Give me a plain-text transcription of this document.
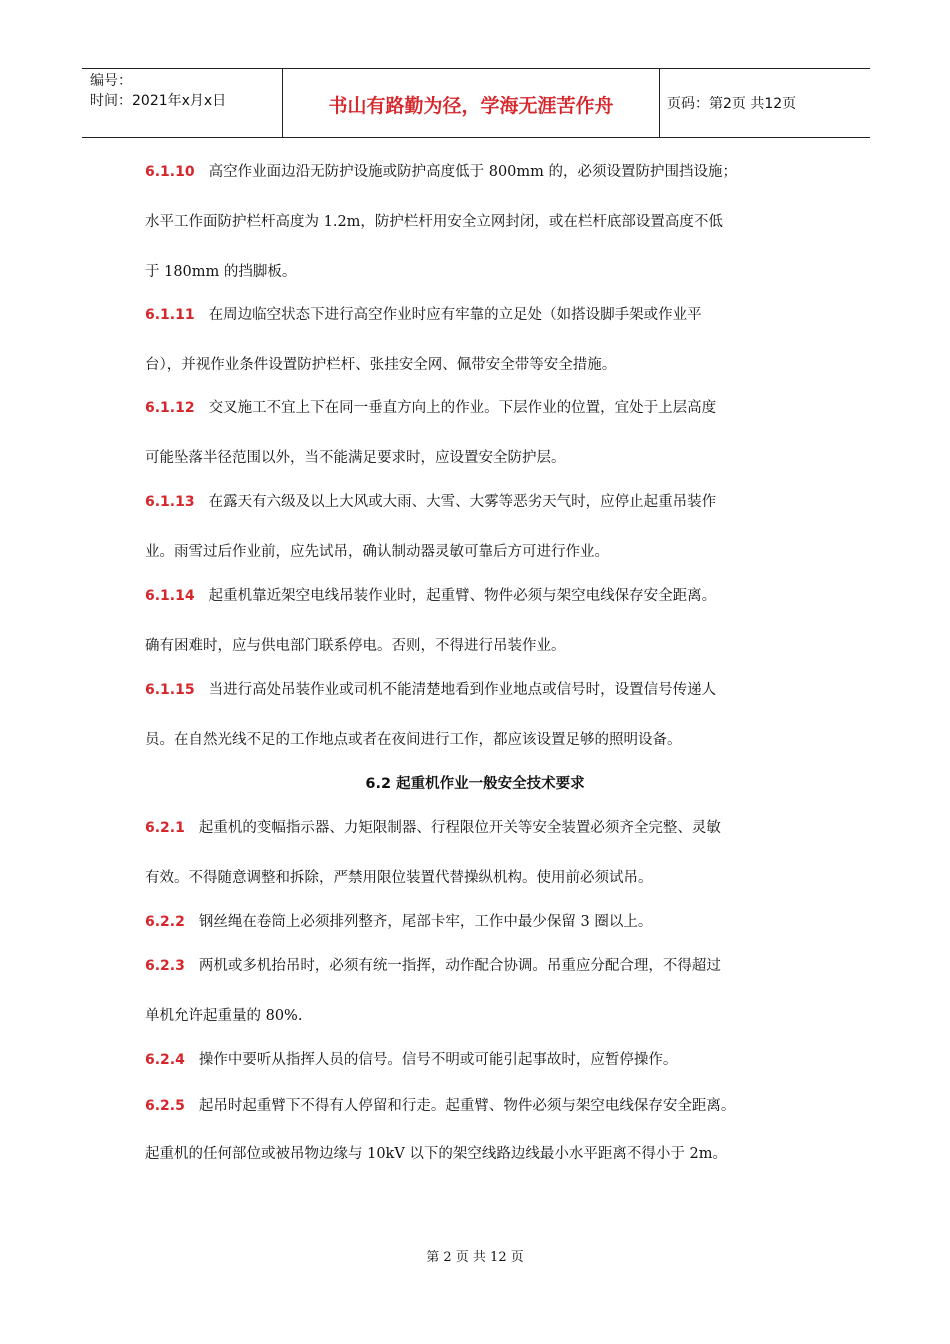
编号：
时间：2021年x月x日	书山有路勤为径，学海无涯苦作舟	页码：第2页 共12页
6.1.10 高空作业面边沿无防护设施或防护高度低于 800mm 的，必须设置防护围挡设施；
水平工作面防护栏杆高度为 1.2m，防护栏杆用安全立网封闭，或在栏杆底部设置高度不低
于 180mm 的挡脚板。
6.1.11 在周边临空状态下进行高空作业时应有牢靠的立足处（如搭设脚手架或作业平
台），并视作业条件设置防护栏杆、张挂安全网、佩带安全带等安全措施。
6.1.12 交叉施工不宜上下在同一垂直方向上的作业。下层作业的位置，宜处于上层高度
可能坠落半径范围以外，当不能满足要求时，应设置安全防护层。
6.1.13 在露天有六级及以上大风或大雨、大雪、大雾等恶劣天气时，应停止起重吊装作
业。雨雪过后作业前，应先试吊，确认制动器灵敏可靠后方可进行作业。
6.1.14 起重机靠近架空电线吊装作业时，起重臂、物件必须与架空电线保存安全距离。
确有困难时，应与供电部门联系停电。否则，不得进行吊装作业。
6.1.15 当进行高处吊装作业或司机不能清楚地看到作业地点或信号时，设置信号传递人
员。在自然光线不足的工作地点或者在夜间进行工作，都应该设置足够的照明设备。
6.2 起重机作业一般安全技术要求
6.2.1 起重机的变幅指示器、力矩限制器、行程限位开关等安全装置必须齐全完整、灵敏
有效。不得随意调整和拆除，严禁用限位装置代替操纵机构。使用前必须试吊。
6.2.2 钢丝绳在卷筒上必须排列整齐，尾部卡牢，工作中最少保留 3 圈以上。
6.2.3 两机或多机抬吊时，必须有统一指挥，动作配合协调。吊重应分配合理，不得超过
单机允许起重量的 80%.
6.2.4 操作中要听从指挥人员的信号。信号不明或可能引起事故时，应暂停操作。
6.2.5 起吊时起重臂下不得有人停留和行走。起重臂、物件必须与架空电线保存安全距离。
起重机的任何部位或被吊物边缘与 10kV 以下的架空线路边线最小水平距离不得小于 2m。
第 2 页 共 12 页
